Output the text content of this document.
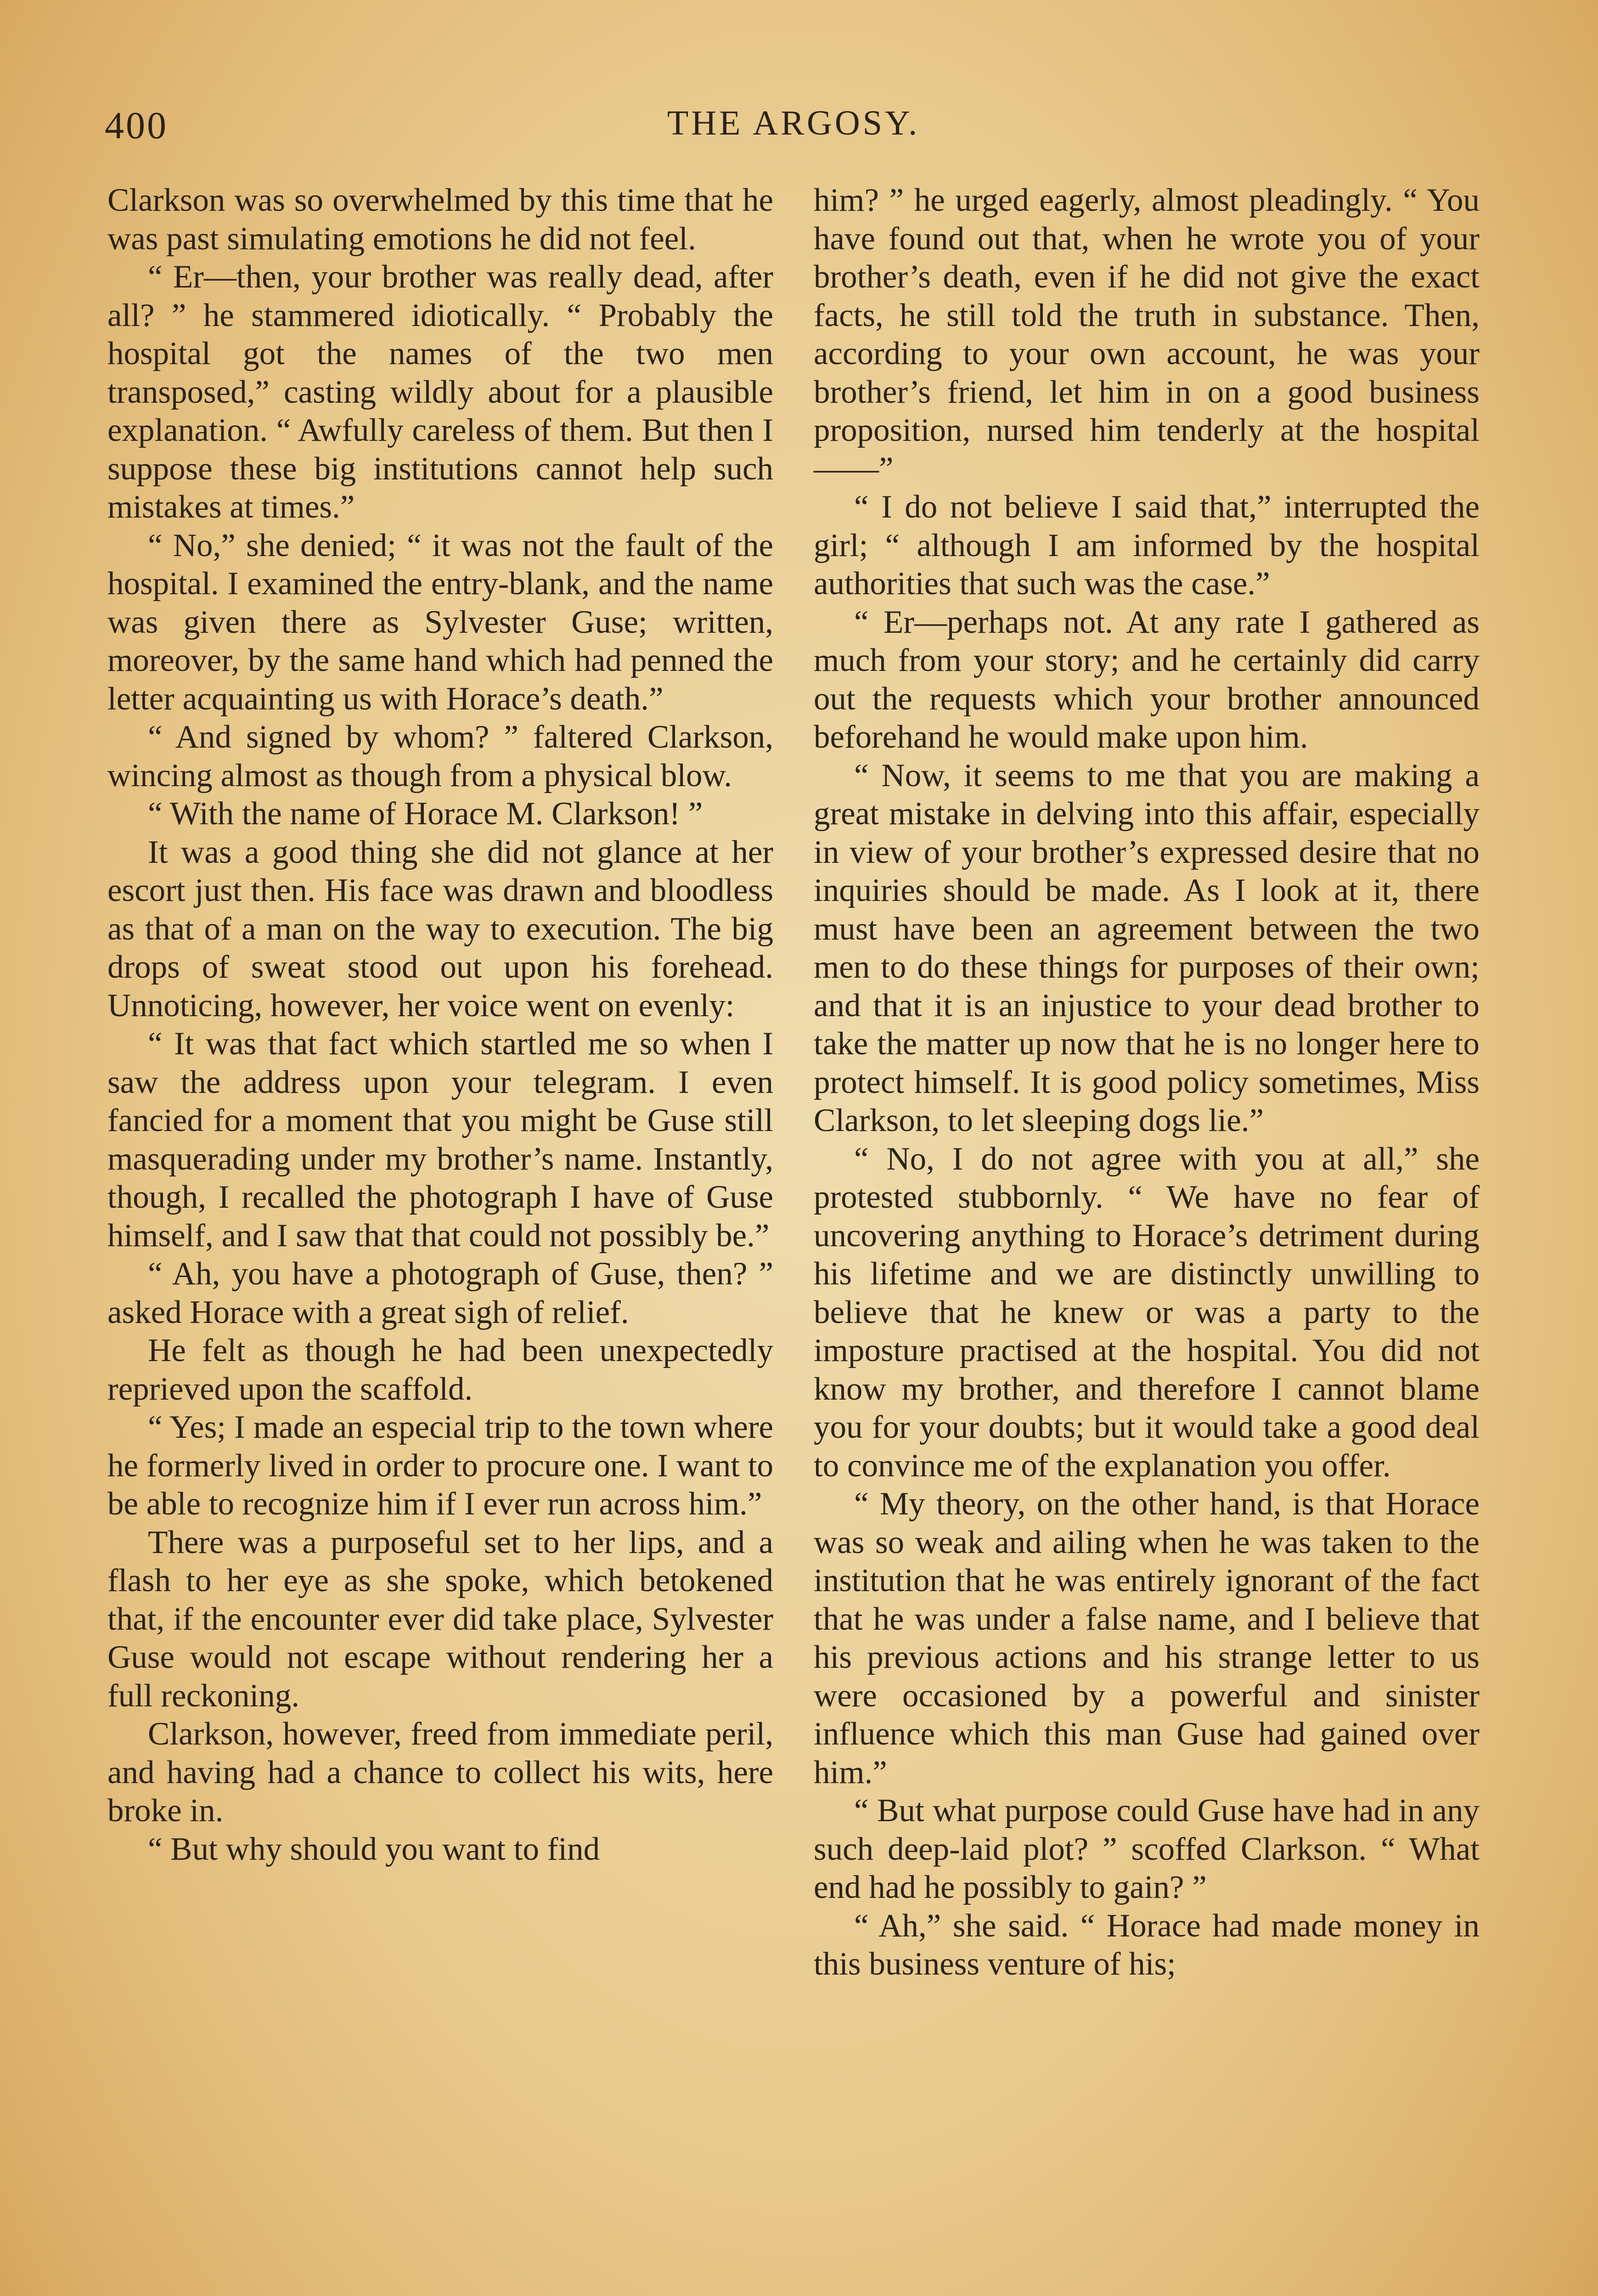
400	THE ARGOSY.

Clarkson was so overwhelmed by this time that he was past simulating emotions he did not feel.

“ Er—then, your brother was really dead, after all? ” he stammered idiotically. “ Probably the hospital got the names of the two men transposed,” casting wildly about for a plausible explanation. “ Awfully careless of them. But then I suppose these big institutions cannot help such mistakes at times.”

“ No,” she denied; “ it was not the fault of the hospital. I examined the entry-blank, and the name was given there as Sylvester Guse; written, moreover, by the same hand which had penned the letter acquainting us with Horace’s death.”

“ And signed by whom? ” faltered Clarkson, wincing almost as though from a physical blow.

“ With the name of Horace M. Clarkson! ”

It was a good thing she did not glance at her escort just then. His face was drawn and bloodless as that of a man on the way to execution. The big drops of sweat stood out upon his forehead. Unnoticing, however, her voice went on evenly:

“ It was that fact which startled me so when I saw the address upon your telegram. I even fancied for a moment that you might be Guse still masquerading under my brother’s name. Instantly, though, I recalled the photograph I have of Guse himself, and I saw that that could not possibly be.”

“ Ah, you have a photograph of Guse, then? ” asked Horace with a great sigh of relief.

He felt as though he had been unexpectedly reprieved upon the scaffold.

“ Yes; I made an especial trip to the town where he formerly lived in order to procure one. I want to be able to recognize him if I ever run across him.”

There was a purposeful set to her lips, and a flash to her eye as she spoke, which betokened that, if the encounter ever did take place, Sylvester Guse would not escape without rendering her a full reckoning.

Clarkson, however, freed from immediate peril, and having had a chance to collect his wits, here broke in.

“ But why should you want to find

him? ” he urged eagerly, almost pleadingly. “ You have found out that, when he wrote you of your brother’s death, even if he did not give the exact facts, he still told the truth in substance. Then, according to your own account, he was your brother’s friend, let him in on a good business proposition, nursed him tenderly at the hospital——”

“ I do not believe I said that,” interrupted the girl; “ although I am informed by the hospital authorities that such was the case.”

“ Er—perhaps not. At any rate I gathered as much from your story; and he certainly did carry out the requests which your brother announced beforehand he would make upon him.

“ Now, it seems to me that you are making a great mistake in delving into this affair, especially in view of your brother’s expressed desire that no inquiries should be made. As I look at it, there must have been an agreement between the two men to do these things for purposes of their own; and that it is an injustice to your dead brother to take the matter up now that he is no longer here to protect himself. It is good policy sometimes, Miss Clarkson, to let sleeping dogs lie.”

“ No, I do not agree with you at all,” she protested stubbornly. “ We have no fear of uncovering anything to Horace’s detriment during his lifetime and we are distinctly unwilling to believe that he knew or was a party to the imposture practised at the hospital. You did not know my brother, and therefore I cannot blame you for your doubts; but it would take a good deal to convince me of the explanation you offer.

“ My theory, on the other hand, is that Horace was so weak and ailing when he was taken to the institution that he was entirely ignorant of the fact that he was under a false name, and I believe that his previous actions and his strange letter to us were occasioned by a powerful and sinister influence which this man Guse had gained over him.”

“ But what purpose could Guse have had in any such deep-laid plot? ” scoffed Clarkson. “ What end had he possibly to gain? ”

“ Ah,” she said. “ Horace had made money in this business venture of his;
